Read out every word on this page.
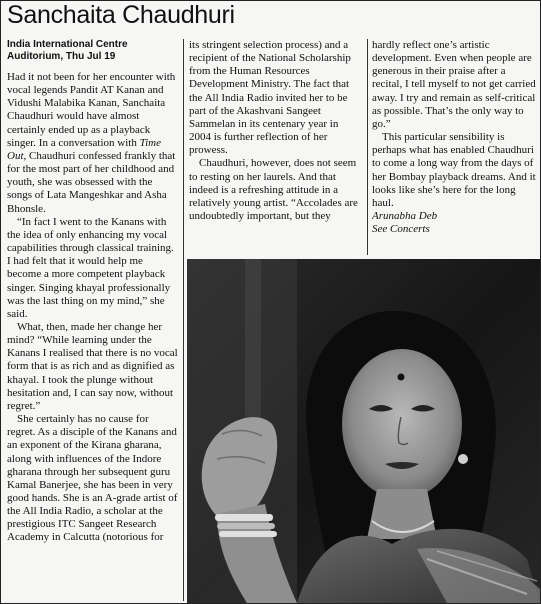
Sanchaita Chaudhuri
India International Centre
Auditorium, Thu Jul 19

Had it not been for her encounter with vocal legends Pandit AT Kanan and Vidushi Malabika Kanan, Sanchaita Chaudhuri would have almost certainly ended up as a playback singer. In a conversation with Time Out, Chaudhuri confessed frankly that for the most part of her childhood and youth, she was obsessed with the songs of Lata Mangeshkar and Asha Bhonsle.

“In fact I went to the Kanans with the idea of only enhancing my vocal capabilities through classical training. I had felt that it would help me become a more competent playback singer. Singing khayal professionally was the last thing on my mind,” she said.

What, then, made her change her mind? “While learning under the Kanans I realised that there is no vocal form that is as rich and as dignified as khayal. I took the plunge without hesitation and, I can say now, without regret.”

She certainly has no cause for regret. As a disciple of the Kanans and an exponent of the Kirana gharana, along with influences of the Indore gharana through her subsequent guru Kamal Banerjee, she has been in very good hands. She is an A-grade artist of the All India Radio, a scholar at the prestigious ITC Sangeet Research Academy in Calcutta (notorious for

its stringent selection process) and a recipient of the National Scholarship from the Human Resources Development Ministry. The fact that the All India Radio invited her to be part of the Akashvani Sangeet Sammelan in its centenary year in 2004 is further reflection of her prowess.

Chaudhuri, however, does not seem to resting on her laurels. And that indeed is a refreshing attitude in a relatively young artist. “Accolades are undoubtedly important, but they

hardly reflect one’s artistic development. Even when people are generous in their praise after a recital, I tell myself to not get carried away. I try and remain as self-critical as possible. That’s the only way to go.”

This particular sensibility is perhaps what has enabled Chaudhuri to come a long way from the days of her Bombay playback dreams. And it looks like she’s here for the long haul.

Arunabha Deb

See Concerts
